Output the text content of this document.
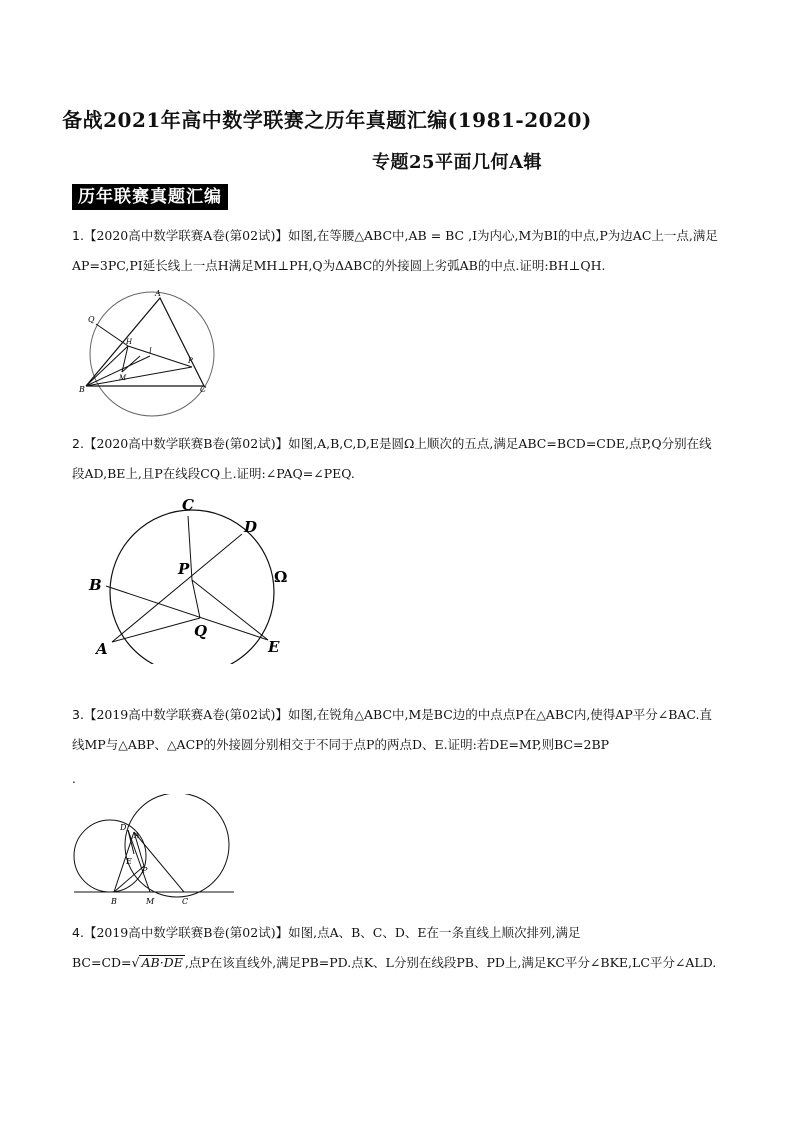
备战2021年高中数学联赛之历年真题汇编(1981-2020)
专题25平面几何A辑
历年联赛真题汇编
1.【2020高中数学联赛A卷(第02试)】如图,在等腰△ABC中,AB = BC ,I为内心,M为BI的中点,P为边AC上一点,满足AP=3PC,PI延长线上一点H满足MH⊥PH,Q为ΔABC的外接圆上劣弧AB的中点.证明:BH⊥QH.
A
Q
H
I
P
M
B	C
2.【2020高中数学联赛B卷(第02试)】如图,A,B,C,D,E是圆Ω上顺次的五点,满足ABC=BCD=CDE,点P,Q分别在线段AD,BE上,且P在线段CQ上.证明:∠PAQ=∠PEQ.
C
D
B
P	Ω
A
Q
E
3.【2019高中数学联赛A卷(第02试)】如图,在锐角△ABC中,M是BC边的中点点P在△ABC内,使得AP平分∠BAC.直线MP与△ABP、△ACP的外接圆分别相交于不同于点P的两点D、E.证明:若DE=MP,则BC=2BP
.
D
A
E
P
B	M	C
4.【2019高中数学联赛B卷(第02试)】如图,点A、B、C、D、E在一条直线上顺次排列,满足
BC=CD=√ AB·DE ,点P在该直线外,满足PB=PD.点K、L分别在线段PB、PD上,满足KC平分∠BKE,LC平分∠ALD.
